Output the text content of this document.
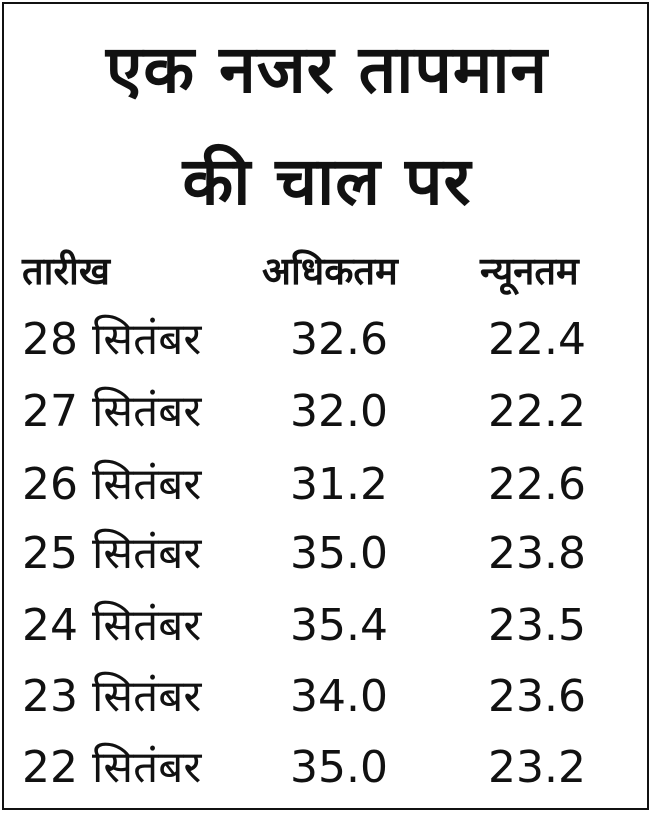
एक नजर तापमान
की चाल पर
तारीख	अधिकतम न्यूनतम
28 सितंबर 32.6 22.4
27 सितंबर 32.0 22.2
26 सितंबर 31.2 22.6
25 सितंबर 35.0 23.8
24 सितंबर 35.4 23.5
23 सितंबर 34.0 23.6
22 सितंबर 35.0 23.2
